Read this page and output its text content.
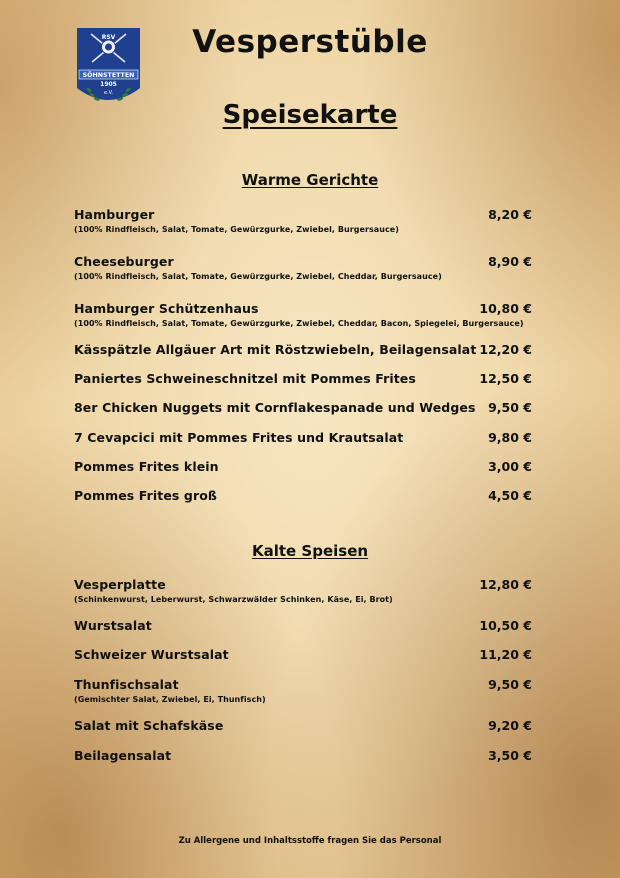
RSV
SÖHNSTETTEN
1905
e.V.
Vesperstüble
Speisekarte
Warme Gerichte
Hamburger	8,20 €
(100% Rindfleisch, Salat, Tomate, Gewürzgurke, Zwiebel, Burgersauce)
Cheeseburger	8,90 €
(100% Rindfleisch, Salat, Tomate, Gewürzgurke, Zwiebel, Cheddar, Burgersauce)
Hamburger Schützenhaus	10,80 €
(100% Rindfleisch, Salat, Tomate, Gewürzgurke, Zwiebel, Cheddar, Bacon, Spiegelei, Burgersauce)
Kässpätzle Allgäuer Art mit Röstzwiebeln, Beilagensalat 12,20 €
Paniertes Schweineschnitzel mit Pommes Frites	12,50 €
8er Chicken Nuggets mit Cornflakespanade und Wedges	9,50 €
7 Cevapcici mit Pommes Frites und Krautsalat	9,80 €
Pommes Frites klein	3,00 €
Pommes Frites groß	4,50 €
Kalte Speisen
Vesperplatte	12,80 €
(Schinkenwurst, Leberwurst, Schwarzwälder Schinken, Käse, Ei, Brot)
Wurstsalat	10,50 €
Schweizer Wurstsalat	11,20 €
Thunfischsalat	9,50 €
(Gemischter Salat, Zwiebel, Ei, Thunfisch)
Salat mit Schafskäse	9,20 €
Beilagensalat	3,50 €
Zu Allergene und Inhaltsstoffe fragen Sie das Personal
